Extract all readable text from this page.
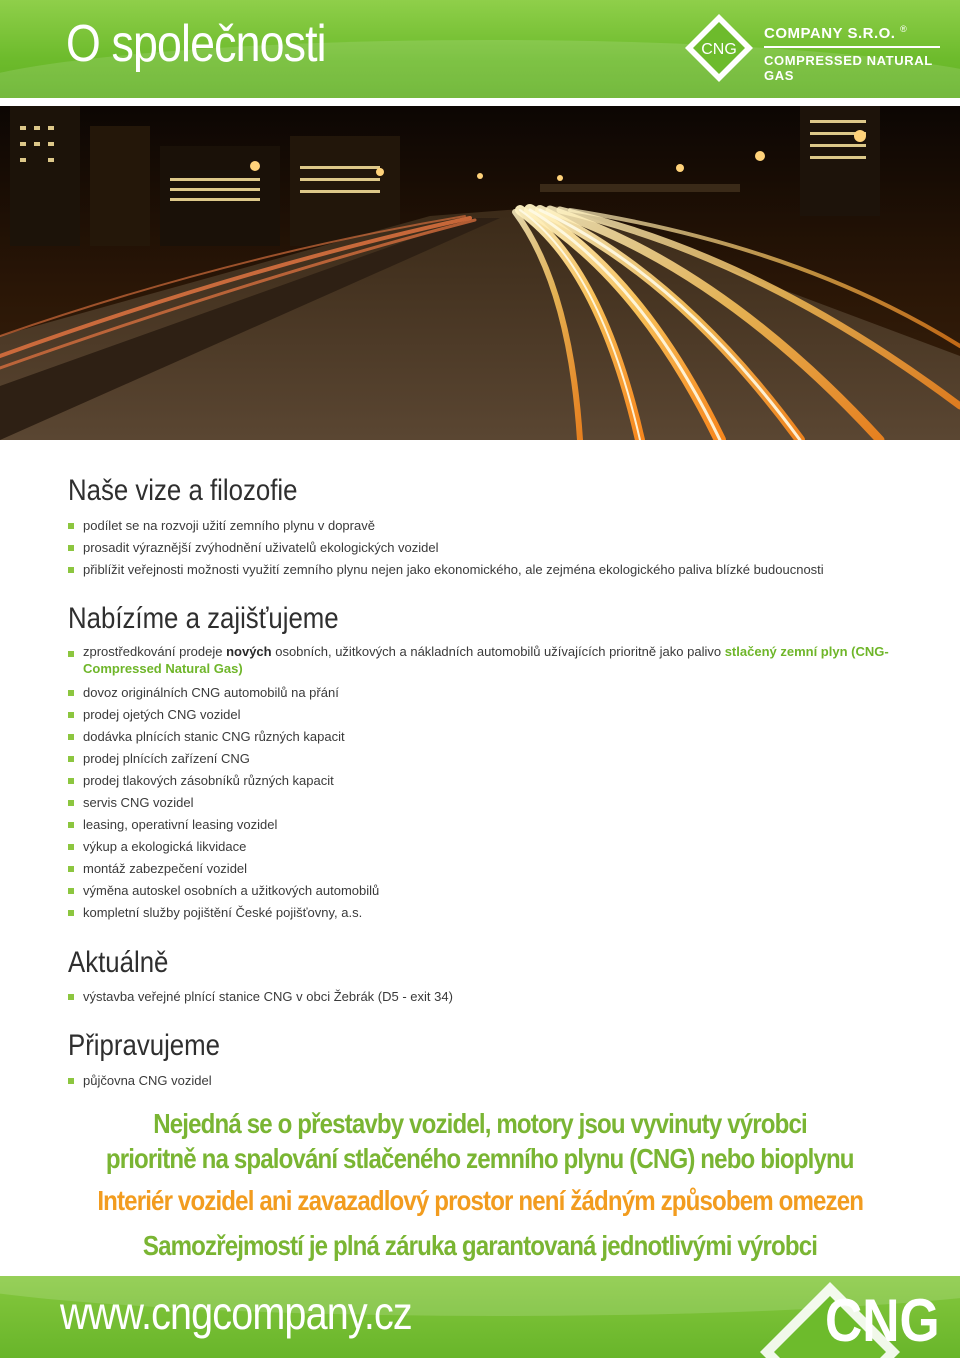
O společnosti	CNG
COMPANY S.R.O. ®
COMPRESSED NATURAL GAS
Naše vize a filozofie
podílet se na rozvoji užití zemního plynu v dopravě
prosadit výraznější zvýhodnění uživatelů ekologických vozidel
přiblížit veřejnosti možnosti využití zemního plynu nejen jako ekonomického, ale zejména ekologického paliva blízké budoucnosti
Nabízíme a zajišťujeme
zprostředkování prodeje nových osobních, užitkových a nákladních automobilů užívajících prioritně jako palivo stlačený zemní plyn (CNG-Compressed Natural Gas)
dovoz originálních CNG automobilů na přání
prodej ojetých CNG vozidel
dodávka plnících stanic CNG různých kapacit
prodej plnících zařízení CNG
prodej tlakových zásobníků různých kapacit
servis CNG vozidel
leasing, operativní leasing vozidel
výkup a ekologická likvidace
montáž zabezpečení vozidel
výměna autoskel osobních a užitkových automobilů
kompletní služby pojištění České pojišťovny, a.s.
Aktuálně
výstavba veřejné plnící stanice CNG v obci Žebrák (D5 - exit 34)
Připravujeme
půjčovna CNG vozidel
Nejedná se o přestavby vozidel, motory jsou vyvinuty výrobci
prioritně na spalování stlačeného zemního plynu (CNG) nebo bioplynu
Interiér vozidel ani zavazadlový prostor není žádným způsobem omezen
Samozřejmostí je plná záruka garantovaná jednotlivými výrobci
www.cngcompany.cz	CNG
